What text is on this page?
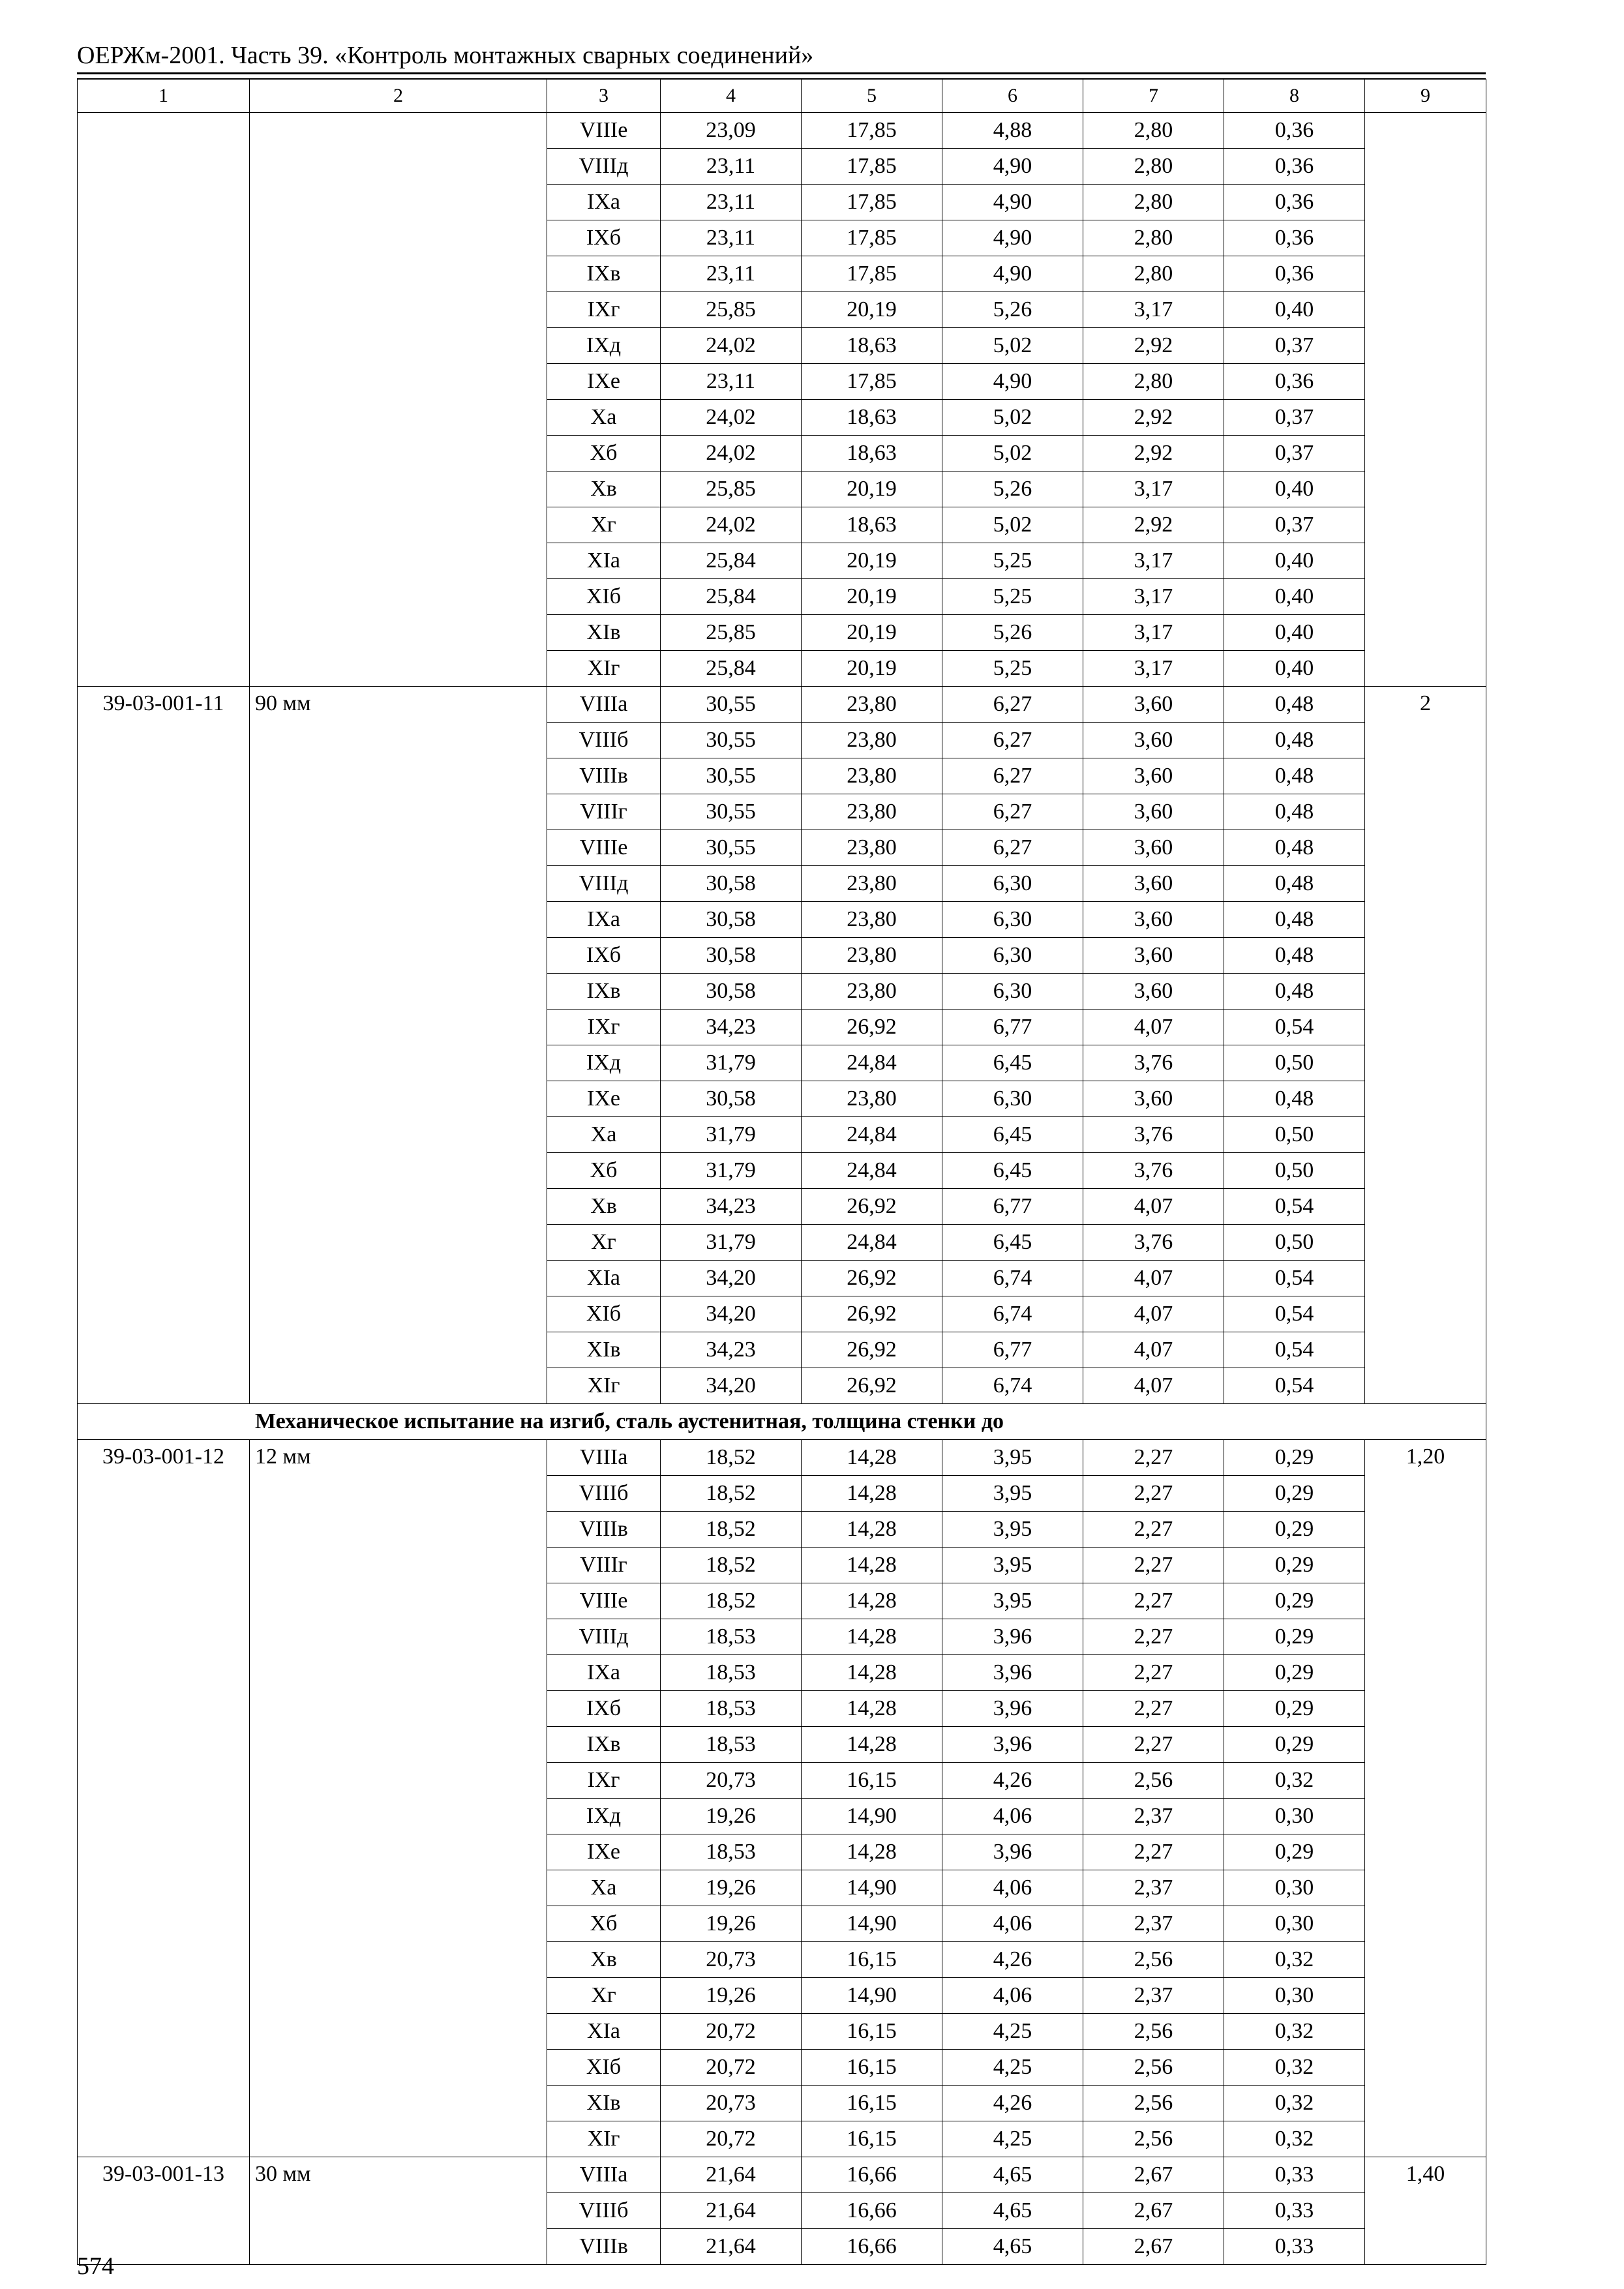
ОЕРЖм-2001. Часть 39. «Контроль монтажных сварных соединений»
1	2	3	4	5	6	7	8	9
		VIIIе	23,09	17,85	4,88	2,80	0,36	
		VIIIд	23,11	17,85	4,90	2,80	0,36	
		IXа	23,11	17,85	4,90	2,80	0,36	
		IXб	23,11	17,85	4,90	2,80	0,36	
		IXв	23,11	17,85	4,90	2,80	0,36	
		IXг	25,85	20,19	5,26	3,17	0,40	
		IXд	24,02	18,63	5,02	2,92	0,37	
		IXе	23,11	17,85	4,90	2,80	0,36	
		Xа	24,02	18,63	5,02	2,92	0,37	
		Xб	24,02	18,63	5,02	2,92	0,37	
		Xв	25,85	20,19	5,26	3,17	0,40	
		Xг	24,02	18,63	5,02	2,92	0,37	
		XIа	25,84	20,19	5,25	3,17	0,40	
		XIб	25,84	20,19	5,25	3,17	0,40	
		XIв	25,85	20,19	5,26	3,17	0,40	
		XIг	25,84	20,19	5,25	3,17	0,40	
39-03-001-11	90 мм	VIIIа	30,55	23,80	6,27	3,60	0,48	2
		VIIIб	30,55	23,80	6,27	3,60	0,48	
		VIIIв	30,55	23,80	6,27	3,60	0,48	
		VIIIг	30,55	23,80	6,27	3,60	0,48	
		VIIIе	30,55	23,80	6,27	3,60	0,48	
		VIIIд	30,58	23,80	6,30	3,60	0,48	
		IXа	30,58	23,80	6,30	3,60	0,48	
		IXб	30,58	23,80	6,30	3,60	0,48	
		IXв	30,58	23,80	6,30	3,60	0,48	
		IXг	34,23	26,92	6,77	4,07	0,54	
		IXд	31,79	24,84	6,45	3,76	0,50	
		IXе	30,58	23,80	6,30	3,60	0,48	
		Xа	31,79	24,84	6,45	3,76	0,50	
		Xб	31,79	24,84	6,45	3,76	0,50	
		Xв	34,23	26,92	6,77	4,07	0,54	
		Xг	31,79	24,84	6,45	3,76	0,50	
		XIа	34,20	26,92	6,74	4,07	0,54	
		XIб	34,20	26,92	6,74	4,07	0,54	
		XIв	34,23	26,92	6,77	4,07	0,54	
		XIг	34,20	26,92	6,74	4,07	0,54	
Механическое испытание на изгиб, сталь аустенитная, толщина стенки до								
39-03-001-12	12 мм	VIIIа	18,52	14,28	3,95	2,27	0,29	1,20
		VIIIб	18,52	14,28	3,95	2,27	0,29	
		VIIIв	18,52	14,28	3,95	2,27	0,29	
		VIIIг	18,52	14,28	3,95	2,27	0,29	
		VIIIе	18,52	14,28	3,95	2,27	0,29	
		VIIIд	18,53	14,28	3,96	2,27	0,29	
		IXа	18,53	14,28	3,96	2,27	0,29	
		IXб	18,53	14,28	3,96	2,27	0,29	
		IXв	18,53	14,28	3,96	2,27	0,29	
		IXг	20,73	16,15	4,26	2,56	0,32	
		IXд	19,26	14,90	4,06	2,37	0,30	
		IXе	18,53	14,28	3,96	2,27	0,29	
		Xа	19,26	14,90	4,06	2,37	0,30	
		Xб	19,26	14,90	4,06	2,37	0,30	
		Xв	20,73	16,15	4,26	2,56	0,32	
		Xг	19,26	14,90	4,06	2,37	0,30	
		XIа	20,72	16,15	4,25	2,56	0,32	
		XIб	20,72	16,15	4,25	2,56	0,32	
		XIв	20,73	16,15	4,26	2,56	0,32	
		XIг	20,72	16,15	4,25	2,56	0,32	
39-03-001-13	30 мм	VIIIа	21,64	16,66	4,65	2,67	0,33	1,40
		VIIIб	21,64	16,66	4,65	2,67	0,33	
		VIIIв	21,64	16,66	4,65	2,67	0,33	
574
